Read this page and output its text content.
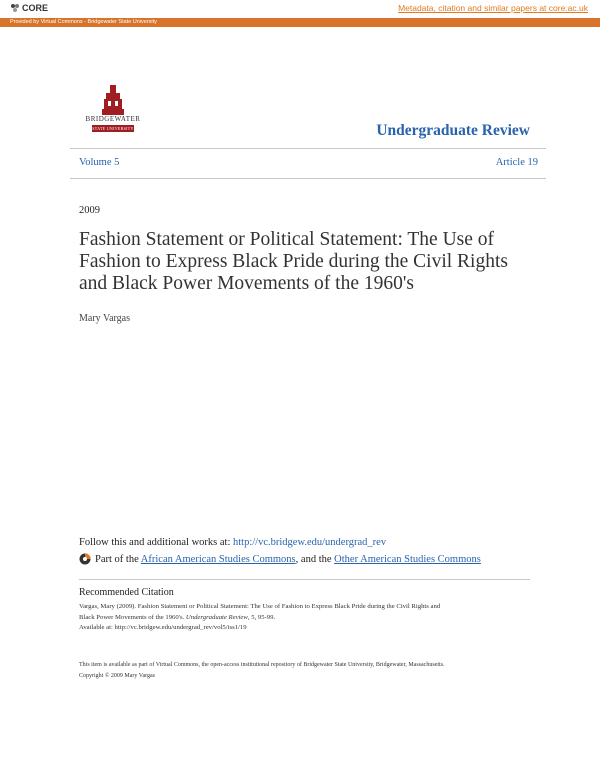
CORE	Metadata, citation and similar papers at core.ac.uk
Provided by Virtual Commons - Bridgewater State University
BRIDGEWATER
STATE UNIVERSITY	Undergraduate Review
Volume 5	Article 19
2009
Fashion Statement or Political Statement: The Use of Fashion to Express Black Pride during the Civil Rights and Black Power Movements of the 1960's
Mary Vargas
Follow this and additional works at: http://vc.bridgew.edu/undergrad_rev
Part of the African American Studies Commons, and the Other American Studies Commons
Recommended Citation
Vargas, Mary (2009). Fashion Statement or Political Statement: The Use of Fashion to Express Black Pride during the Civil Rights and
Black Power Movements of the 1960's. Undergraduate Review, 5, 95-99.
Available at: http://vc.bridgew.edu/undergrad_rev/vol5/iss1/19
This item is available as part of Virtual Commons, the open-access institutional repository of Bridgewater State University, Bridgewater, Massachusetts.
Copyright © 2009 Mary Vargas
